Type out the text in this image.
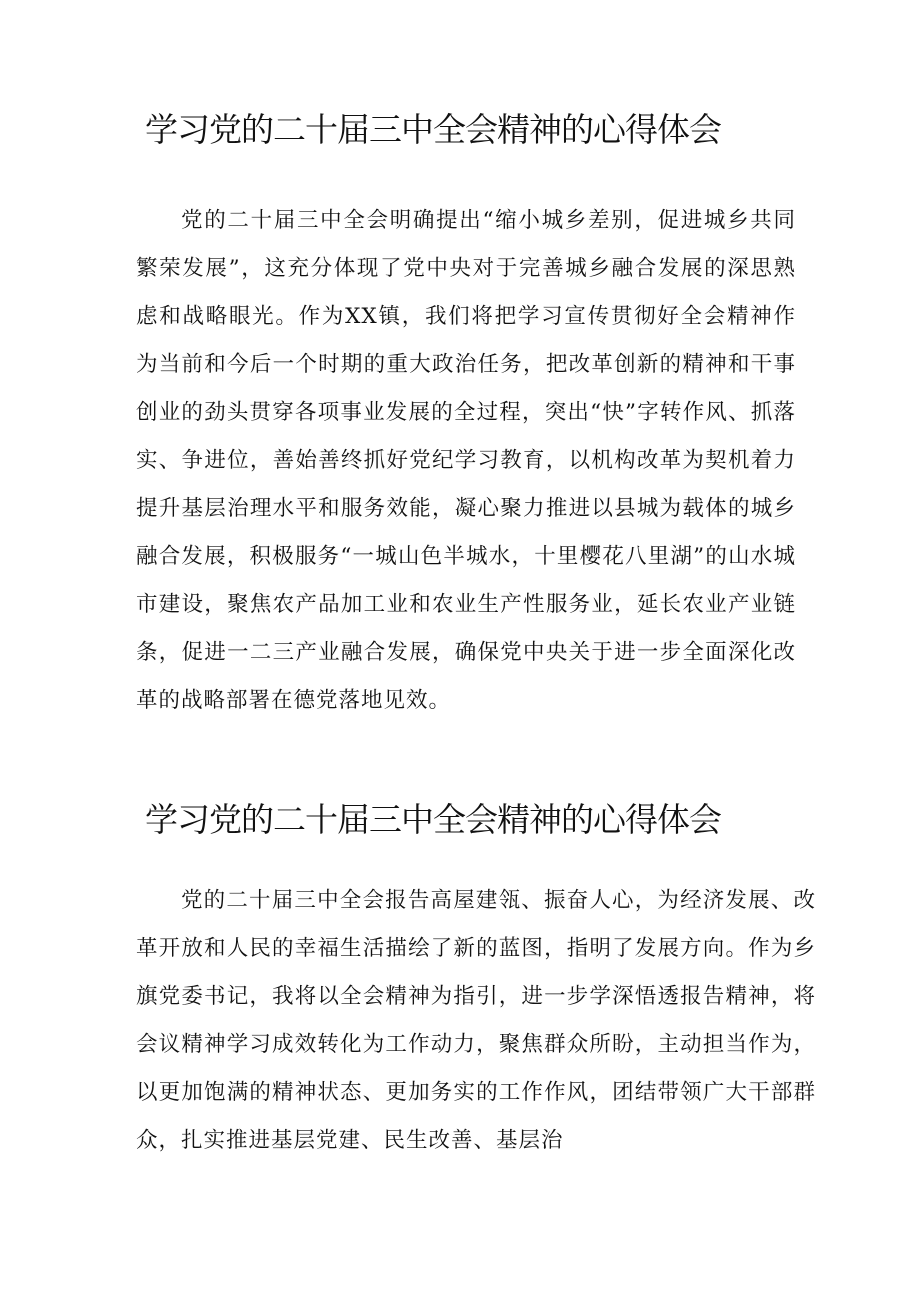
学习党的二十届三中全会精神的心得体会

党的二十届三中全会明确提出“缩小城乡差别，促进城乡共同繁荣发展”，这充分体现了党中央对于完善城乡融合发展的深思熟虑和战略眼光。作为XX镇，我们将把学习宣传贯彻好全会精神作为当前和今后一个时期的重大政治任务，把改革创新的精神和干事创业的劲头贯穿各项事业发展的全过程，突出“快”字转作风、抓落实、争进位，善始善终抓好党纪学习教育，以机构改革为契机着力提升基层治理水平和服务效能，凝心聚力推进以县城为载体的城乡融合发展，积极服务“一城山色半城水，十里樱花八里湖”的山水城市建设，聚焦农产品加工业和农业生产性服务业，延长农业产业链条，促进一二三产业融合发展，确保党中央关于进一步全面深化改革的战略部署在德党落地见效。

学习党的二十届三中全会精神的心得体会

党的二十届三中全会报告高屋建瓴、振奋人心，为经济发展、改革开放和人民的幸福生活描绘了新的蓝图，指明了发展方向。作为乡旗党委书记，我将以全会精神为指引，进一步学深悟透报告精神，将会议精神学习成效转化为工作动力，聚焦群众所盼，主动担当作为，以更加饱满的精神状态、更加务实的工作作风，团结带领广大干部群众，扎实推进基层党建、民生改善、基层治
